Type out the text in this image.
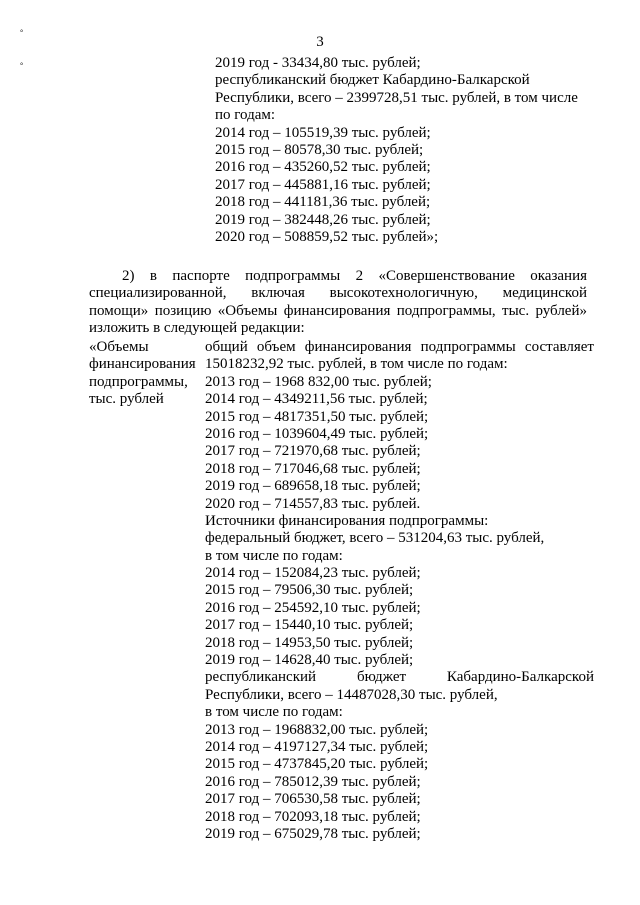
3
°
°	2019 год - 33434,80 тыс. рублей;
республиканский бюджет Кабардино-Балкарской
Республики, всего – 2399728,51 тыс. рублей, в том числе
по годам:
2014 год – 105519,39 тыс. рублей;
2015 год – 80578,30 тыс. рублей;
2016 год – 435260,52 тыс. рублей;
2017 год – 445881,16 тыс. рублей;
2018 год – 441181,36 тыс. рублей;
2019 год – 382448,26 тыс. рублей;
2020 год – 508859,52 тыс. рублей»;
2) в паспорте подпрограммы 2 «Совершенствование оказания
специализированной, включая высокотехнологичную, медицинской
помощи» позицию «Объемы финансирования подпрограммы, тыс. рублей»
изложить в следующей редакции:
«Объемы
финансирования
подпрограммы,
тыс. рублей
общий объем финансирования подпрограммы составляет
15018232,92 тыс. рублей, в том числе по годам:
2013 год – 1968 832,00 тыс. рублей;
2014 год – 4349211,56 тыс. рублей;
2015 год – 4817351,50 тыс. рублей;
2016 год – 1039604,49 тыс. рублей;
2017 год – 721970,68 тыс. рублей;
2018 год – 717046,68 тыс. рублей;
2019 год – 689658,18 тыс. рублей;
2020 год – 714557,83 тыс. рублей.
Источники финансирования подпрограммы:
федеральный бюджет, всего – 531204,63 тыс. рублей,
в том числе по годам:
2014 год – 152084,23 тыс. рублей;
2015 год – 79506,30 тыс. рублей;
2016 год – 254592,10 тыс. рублей;
2017 год – 15440,10 тыс. рублей;
2018 год – 14953,50 тыс. рублей;
2019 год – 14628,40 тыс. рублей;
республиканский бюджет Кабардино-Балкарской
Республики, всего – 14487028,30 тыс. рублей,
в том числе по годам:
2013 год – 1968832,00 тыс. рублей;
2014 год – 4197127,34 тыс. рублей;
2015 год – 4737845,20 тыс. рублей;
2016 год – 785012,39 тыс. рублей;
2017 год – 706530,58 тыс. рублей;
2018 год – 702093,18 тыс. рублей;
2019 год – 675029,78 тыс. рублей;
